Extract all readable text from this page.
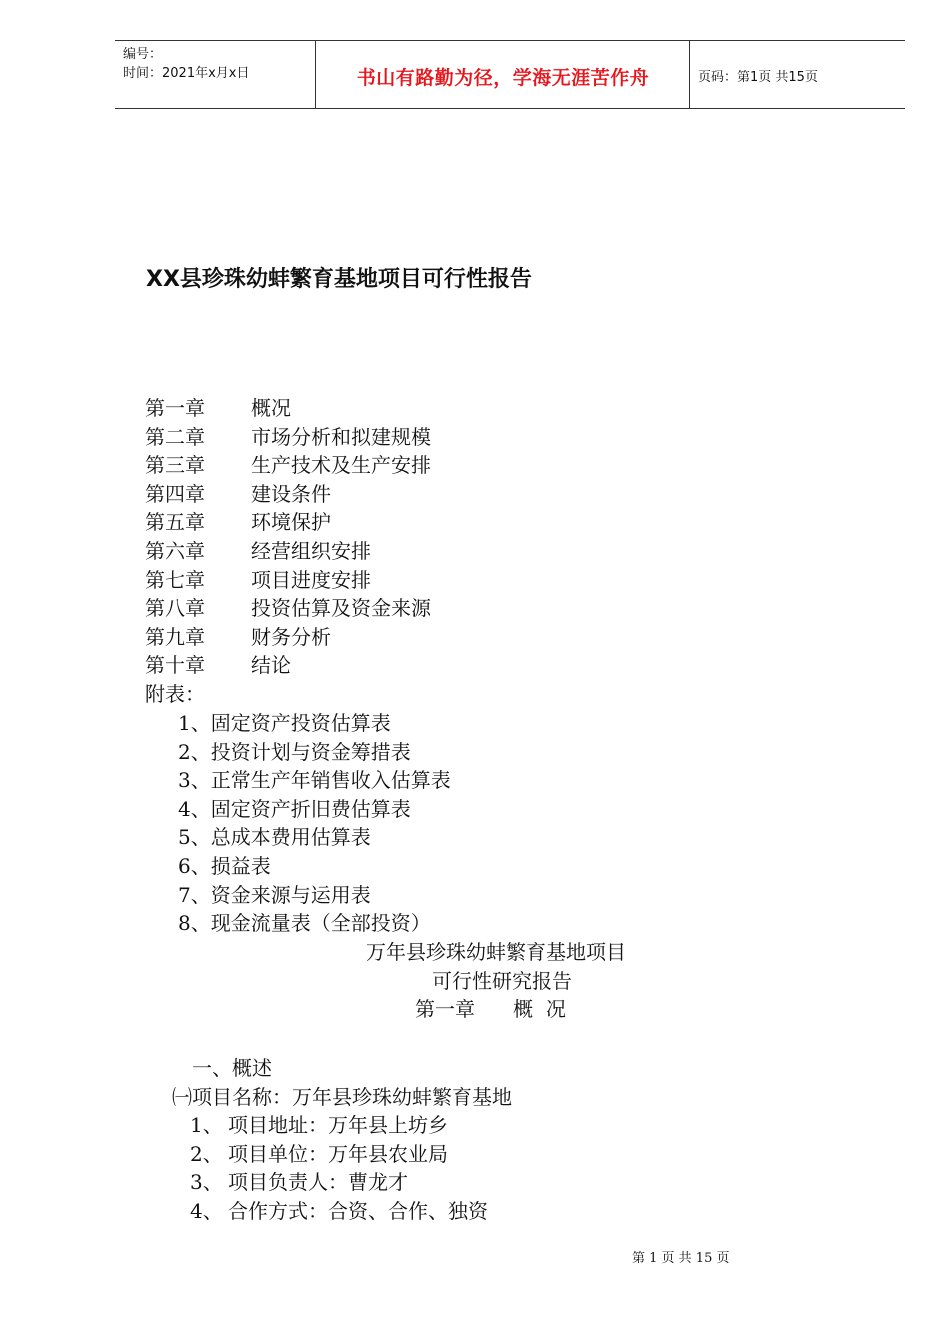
编号：
时间：2021年x月x日	书山有路勤为径，学海无涯苦作舟	页码：第1页 共15页
XX县珍珠幼蚌繁育基地项目可行性报告
第一章 概况
第二章 市场分析和拟建规模
第三章 生产技术及生产安排
第四章 建设条件
第五章 环境保护
第六章 经营组织安排
第七章 项目进度安排
第八章 投资估算及资金来源
第九章 财务分析
第十章 结论
附表：
1、固定资产投资估算表
2、投资计划与资金筹措表
3、正常生产年销售收入估算表
4、固定资产折旧费估算表
5、总成本费用估算表
6、损益表
7、资金来源与运用表
8、现金流量表（全部投资）
万年县珍珠幼蚌繁育基地项目
可行性研究报告
第一章      概  况
一、概述
㈠项目名称：万年县珍珠幼蚌繁育基地
1、 项目地址：万年县上坊乡
2、 项目单位：万年县农业局
3、 项目负责人：曹龙才
4、 合作方式：合资、合作、独资
第 1 页 共 15 页
